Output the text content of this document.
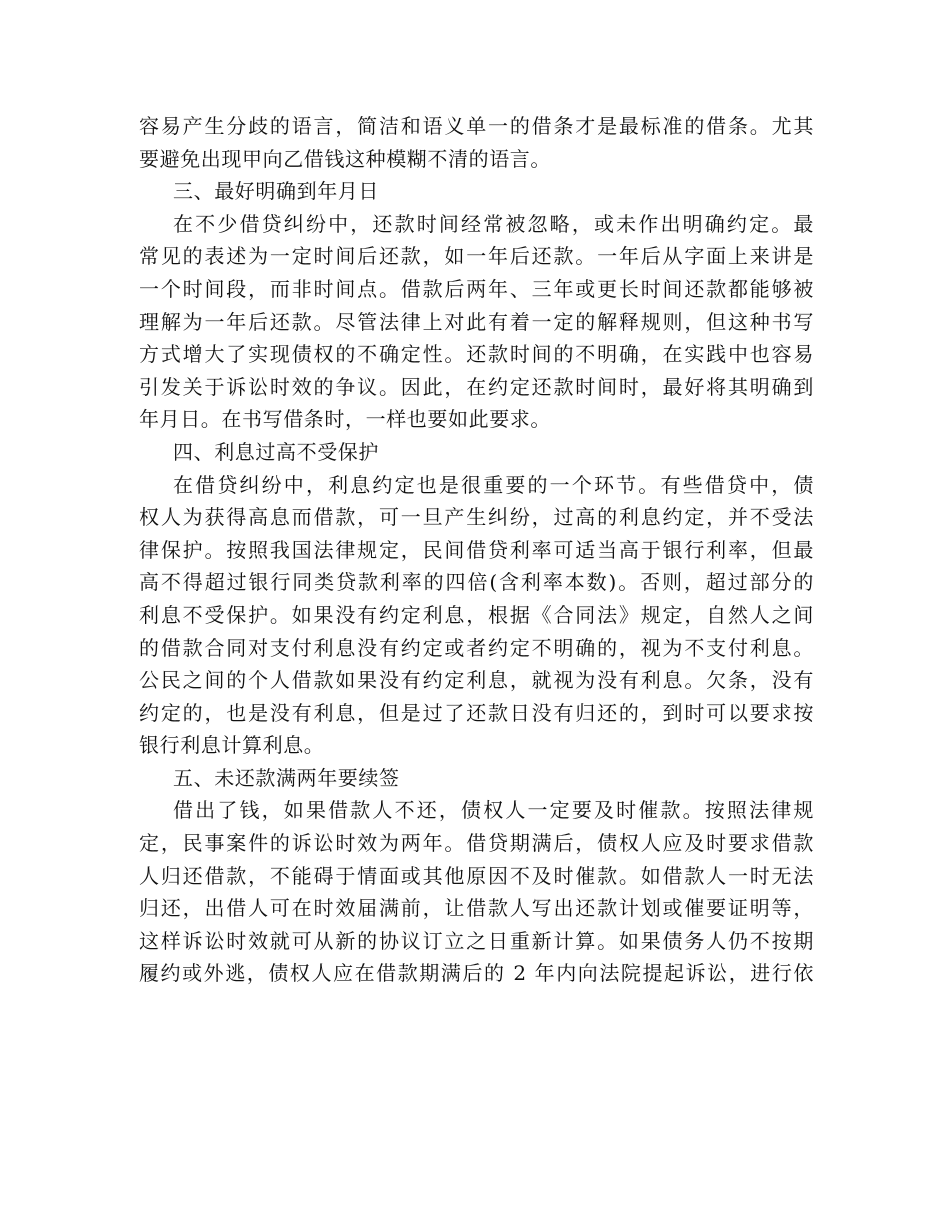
容易产生分歧的语言，简洁和语义单一的借条才是最标准的借条。尤其
要避免出现甲向乙借钱这种模糊不清的语言。
三、最好明确到年月日
在不少借贷纠纷中，还款时间经常被忽略，或未作出明确约定。最
常见的表述为一定时间后还款，如一年后还款。一年后从字面上来讲是
一个时间段，而非时间点。借款后两年、三年或更长时间还款都能够被
理解为一年后还款。尽管法律上对此有着一定的解释规则，但这种书写
方式增大了实现债权的不确定性。还款时间的不明确，在实践中也容易
引发关于诉讼时效的争议。因此，在约定还款时间时，最好将其明确到
年月日。在书写借条时，一样也要如此要求。
四、利息过高不受保护
在借贷纠纷中，利息约定也是很重要的一个环节。有些借贷中，债
权人为获得高息而借款，可一旦产生纠纷，过高的利息约定，并不受法
律保护。按照我国法律规定，民间借贷利率可适当高于银行利率，但最
高不得超过银行同类贷款利率的四倍(含利率本数)。否则，超过部分的
利息不受保护。如果没有约定利息，根据《合同法》规定，自然人之间
的借款合同对支付利息没有约定或者约定不明确的，视为不支付利息。
公民之间的个人借款如果没有约定利息，就视为没有利息。欠条，没有
约定的，也是没有利息，但是过了还款日没有归还的，到时可以要求按
银行利息计算利息。
五、未还款满两年要续签
借出了钱，如果借款人不还，债权人一定要及时催款。按照法律规
定，民事案件的诉讼时效为两年。借贷期满后，债权人应及时要求借款
人归还借款，不能碍于情面或其他原因不及时催款。如借款人一时无法
归还，出借人可在时效届满前，让借款人写出还款计划或催要证明等，
这样诉讼时效就可从新的协议订立之日重新计算。如果债务人仍不按期
履约或外逃，债权人应在借款期满后的 2 年内向法院提起诉讼，进行依
